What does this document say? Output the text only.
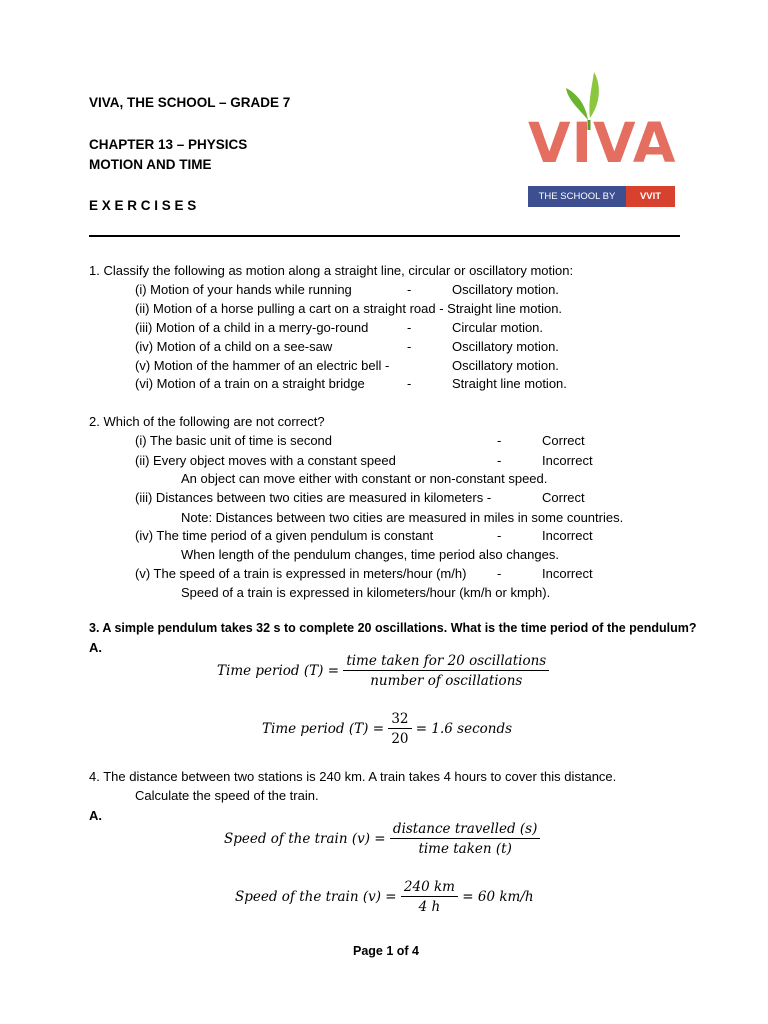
VIVA, THE SCHOOL – GRADE 7
CHAPTER 13 – PHYSICS
MOTION AND TIME
E X E R C I S E S
VIVA
THE SCHOOL BY	VVIT
1. Classify the following as motion along a straight line, circular or oscillatory motion:
(i) Motion of your hands while running	-	Oscillatory motion.
(ii) Motion of a horse pulling a cart on a straight road - Straight line motion.
(iii) Motion of a child in a merry-go-round	-	Circular motion.
(iv) Motion of a child on a see-saw	-	Oscillatory motion.
(v) Motion of the hammer of an electric bell -	Oscillatory motion.
(vi) Motion of a train on a straight bridge	-	Straight line motion.
2. Which of the following are not correct?
(i) The basic unit of time is second	-	Correct
(ii) Every object moves with a constant speed	-	Incorrect
An object can move either with constant or non-constant speed.
(iii) Distances between two cities are measured in kilometers -	Correct
Note: Distances between two cities are measured in miles in some countries.
(iv) The time period of a given pendulum is constant	-	Incorrect
When length of the pendulum changes, time period also changes.
(v) The speed of a train is expressed in meters/hour (m/h) -	Incorrect
Speed of a train is expressed in kilometers/hour (km/h or kmph).
3. A simple pendulum takes 32 s to complete 20 oscillations. What is the time period of the pendulum?
A.
Time period $(T) = \frac{\text{time taken for 20 oscillations}}{\text{number of oscillations}}$
Time period $(T) = \frac{32}{20} = 1.6$ seconds
4. The distance between two stations is 240 km. A train takes 4 hours to cover this distance.
Calculate the speed of the train.
A.
Speed of the train $(v) = \frac{\text{distance travelled (s)}}{\text{time taken (t)}}$
Speed of the train $(v) = \frac{240 km}{4 h} = 60$ km/h
Page 1 of 4
